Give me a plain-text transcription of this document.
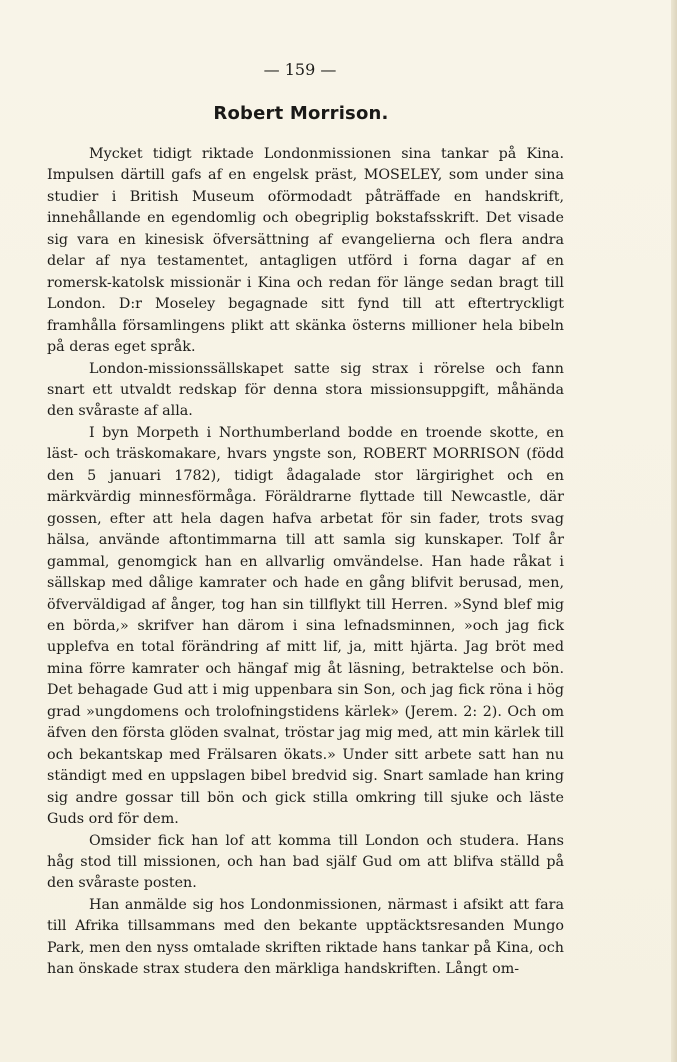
— 159 —
Robert Morrison.

Mycket tidigt riktade Londonmissionen sina tankar på Kina. Impulsen därtill gafs af en engelsk präst, MOSELEY, som under sina studier i British Museum oförmodadt påträffade en handskrift, innehållande en egendomlig och obegriplig bokstafsskrift. Det visade sig vara en kinesisk öfversättning af evangelierna och flera andra delar af nya testamentet, antagligen utförd i forna dagar af en romersk-katolsk missionär i Kina och redan för länge sedan bragt till London. D:r Moseley begagnade sitt fynd till att eftertryckligt framhålla församlingens plikt att skänka österns millioner hela bibeln på deras eget språk.

London-missionssällskapet satte sig strax i rörelse och fann snart ett utvaldt redskap för denna stora missionsuppgift, måhända den svåraste af alla.

I byn Morpeth i Northumberland bodde en troende skotte, en läst- och träskomakare, hvars yngste son, ROBERT MORRISON (född den 5 januari 1782), tidigt ådagalade stor lärgirighet och en märkvärdig minnesförmåga. Föräldrarne flyttade till Newcastle, där gossen, efter att hela dagen hafva arbetat för sin fader, trots svag hälsa, använde aftontimmarna till att samla sig kunskaper. Tolf år gammal, genomgick han en allvarlig omvändelse. Han hade råkat i sällskap med dålige kamrater och hade en gång blifvit berusad, men, öfverväldigad af ånger, tog han sin tillflykt till Herren. »Synd blef mig en börda,» skrifver han därom i sina lefnadsminnen, »och jag fick upplefva en total förändring af mitt lif, ja, mitt hjärta. Jag bröt med mina förre kamrater och hängaf mig åt läsning, betraktelse och bön. Det behagade Gud att i mig uppenbara sin Son, och jag fick röna i hög grad »ungdomens och trolofningstidens kärlek» (Jerem. 2: 2). Och om äfven den första glöden svalnat, tröstar jag mig med, att min kärlek till och bekantskap med Frälsaren ökats.» Under sitt arbete satt han nu ständigt med en uppslagen bibel bredvid sig. Snart samlade han kring sig andre gossar till bön och gick stilla omkring till sjuke och läste Guds ord för dem.

Omsider fick han lof att komma till London och studera. Hans håg stod till missionen, och han bad själf Gud om att blifva ställd på den svåraste posten.

Han anmälde sig hos Londonmissionen, närmast i afsikt att fara till Afrika tillsammans med den bekante upptäcktsresanden Mungo Park, men den nyss omtalade skriften riktade hans tankar på Kina, och han önskade strax studera den märkliga handskriften. Långt om-
